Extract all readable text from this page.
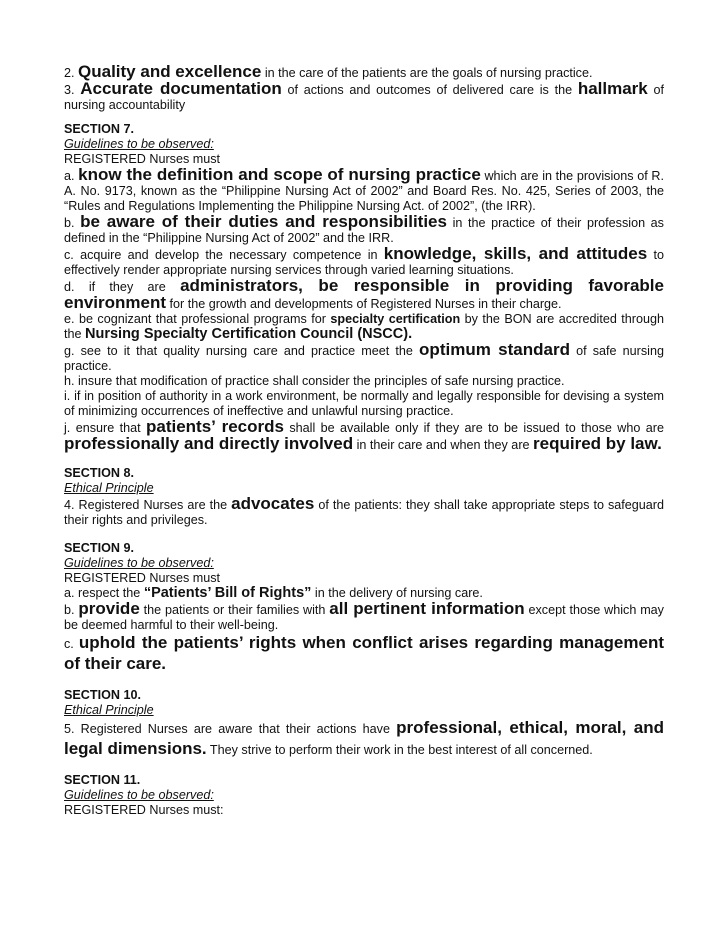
2. Quality and excellence in the care of the patients are the goals of nursing practice.

3. Accurate documentation of actions and outcomes of delivered care is the hallmark of nursing accountability

SECTION 7.

Guidelines to be observed:

REGISTERED Nurses must

a. know the definition and scope of nursing practice which are in the provisions of R. A. No. 9173, known as the “Philippine Nursing Act of 2002” and Board Res. No. 425, Series of 2003, the “Rules and Regulations Implementing the Philippine Nursing Act. of 2002”, (the IRR).

b. be aware of their duties and responsibilities in the practice of their profession as defined in the “Philippine Nursing Act of 2002” and the IRR.

c. acquire and develop the necessary competence in knowledge, skills, and attitudes to effectively render appropriate nursing services through varied learning situations.

d. if they are administrators, be responsible in providing favorable environment for the growth and developments of Registered Nurses in their charge.

e. be cognizant that professional programs for specialty certification by the BON are accredited through the Nursing Specialty Certification Council (NSCC).

g. see to it that quality nursing care and practice meet the optimum standard of safe nursing practice.

h. insure that modification of practice shall consider the principles of safe nursing practice.

i. if in position of authority in a work environment, be normally and legally responsible for devising a system of minimizing occurrences of ineffective and unlawful nursing practice.

j. ensure that patients’ records shall be available only if they are to be issued to those who are professionally and directly involved in their care and when they are required by law.

SECTION 8.

Ethical Principle

4. Registered Nurses are the advocates of the patients: they shall take appropriate steps to safeguard their rights and privileges.

SECTION 9.

Guidelines to be observed:

REGISTERED Nurses must

a. respect the “Patients’ Bill of Rights” in the delivery of nursing care.

b. provide the patients or their families with all pertinent information except those which may be deemed harmful to their well-being.

c. uphold the patients’ rights when conflict arises regarding management of their care.

SECTION 10.

Ethical Principle

5. Registered Nurses are aware that their actions have professional, ethical, moral, and legal dimensions. They strive to perform their work in the best interest of all concerned.

SECTION 11.

Guidelines to be observed:

REGISTERED Nurses must:
